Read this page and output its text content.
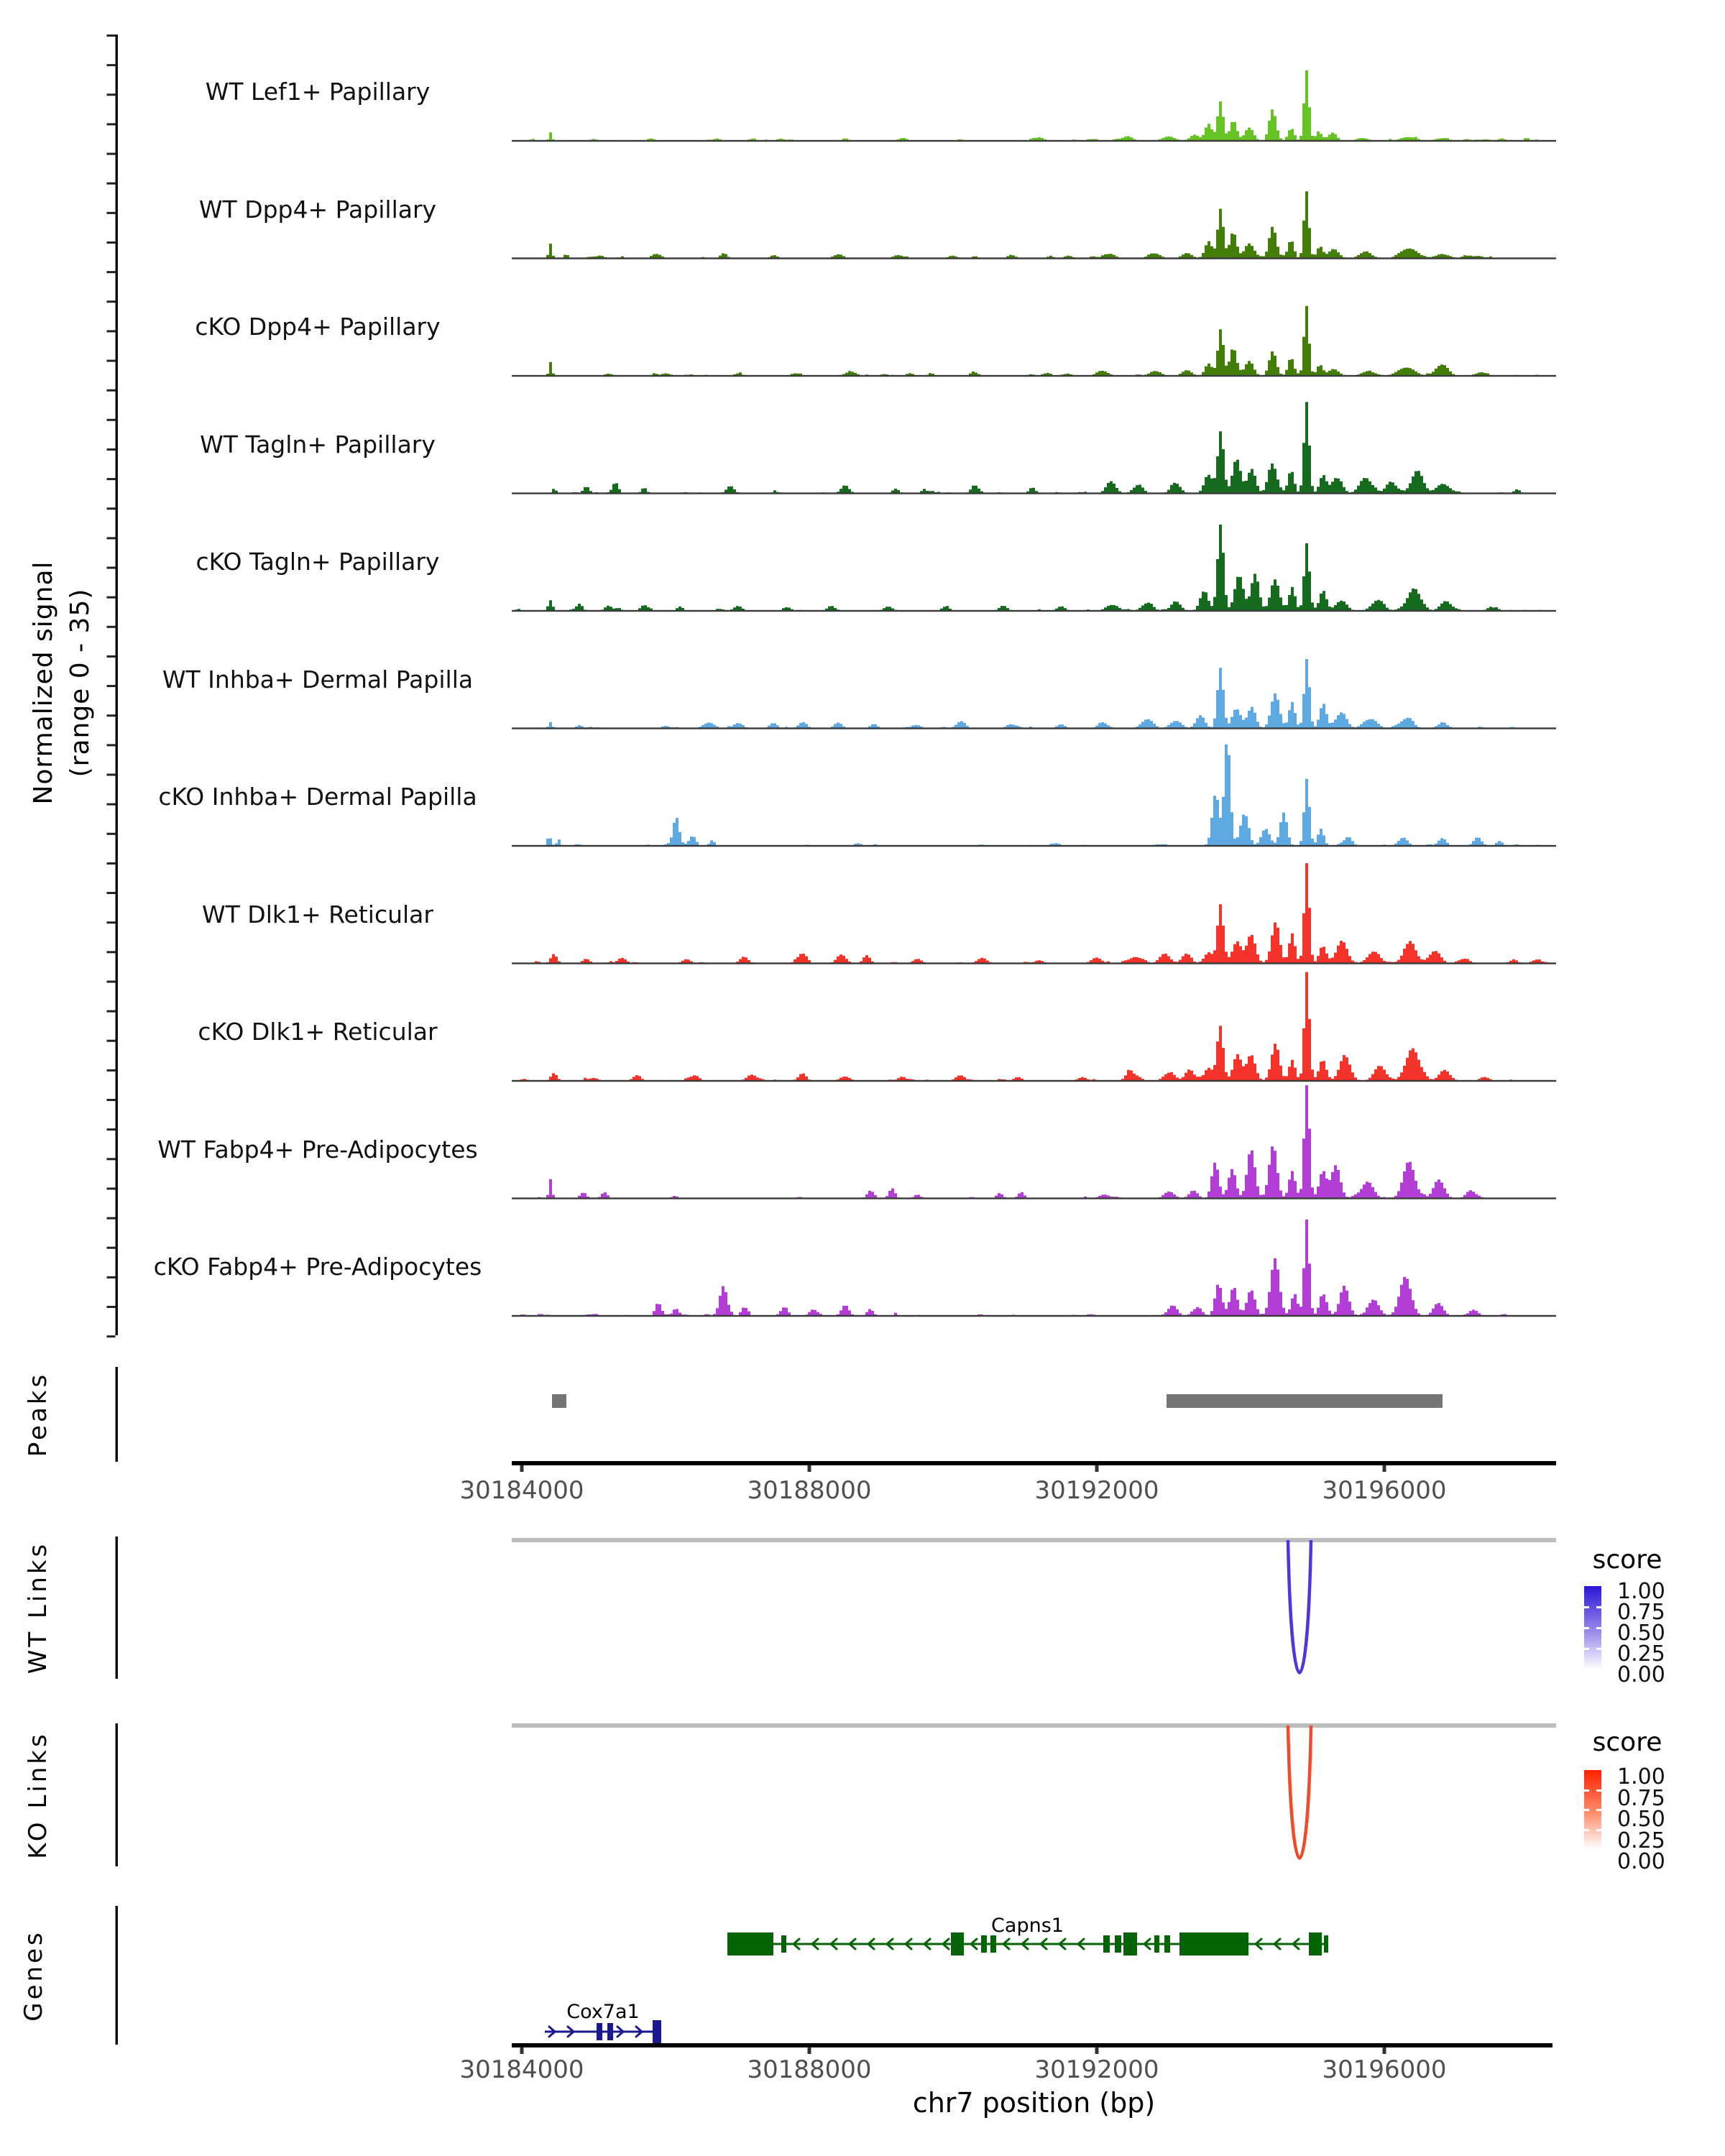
WT Lef1+ Papillary
WT Dpp4+ Papillary
cKO Dpp4+ Papillary
WT Tagln+ Papillary
cKO Tagln+ Papillary
WT Inhba+ Dermal Papilla
cKO Inhba+ Dermal Papilla
WT Dlk1+ Reticular
cKO Dlk1+ Reticular
WT Fabp4+ Pre-Adipocytes
cKO Fabp4+ Pre-Adipocytes
Normalized signal (range 0 - 35)
Peaks
WT Links
KO Links
Genes
30184000	30188000	30192000	30196000
30184000	30188000	30192000	30196000
chr7 position (bp)
score
1.00
0.75
0.50
0.25
0.00
score
1.00
0.75
0.50
0.25
0.00
Capns1
Cox7a1
